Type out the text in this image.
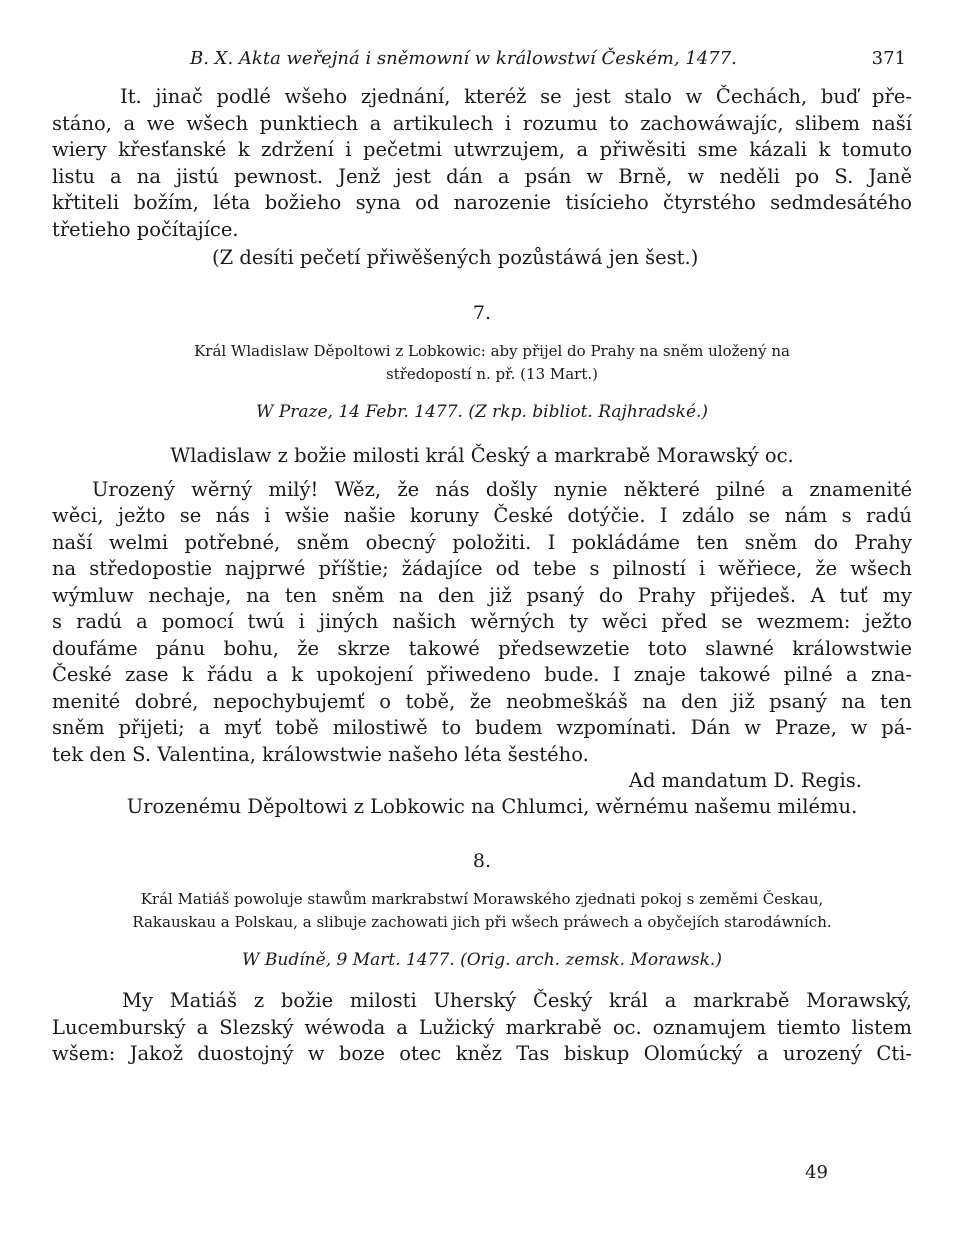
B. X. Akta weřejná i sněmowní w králowstwí Českém, 1477.	371

It. jinač podlé wšeho zjednání, kteréž se jest stalo w Čechách, buď pře-
stáno, a we wšech punktiech a artikulech i rozumu to zachowáwajíc, slibem naší
wiery křesťanské k zdržení i pečetmi utwrzujem, a přiwěsiti sme kázali k tomuto
listu a na jistú pewnost. Jenž jest dán a psán w Brně, w neděli po S. Janě
křtiteli božím, léta božieho syna od narozenie tisícieho čtyrstého sedmdesátého
třetieho počítajíce.

(Z desíti pečetí přiwěšených pozůstáwá jen šest.)

7.
Král Wladislaw Děpoltowi z Lobkowic: aby přijel do Prahy na sněm uložený na
středopostí n. př. (13 Mart.)
W Praze, 14 Febr. 1477. (Z rkp. bibliot. Rajhradské.)
Wladislaw z božie milosti král Český a markrabě Morawský oc.

Urozený wěrný milý! Wěz, že nás došly nynie některé pilné a znamenité
wěci, ježto se nás i wšie našie koruny České dotýčie. I zdálo se nám s radú
naší welmi potřebné, sněm obecný položiti. I pokládáme ten sněm do Prahy
na středopostie najprwé příštie; žádajíce od tebe s pilností i wěřiece, že wšech
wýmluw nechaje, na ten sněm na den již psaný do Prahy přijedeš. A tuť my
s radú a pomocí twú i jiných našich wěrných ty wěci před se wezmem: ježto
doufáme pánu bohu, že skrze takowé předsewzetie toto slawné králowstwie
České zase k řádu a k upokojení přiwedeno bude. I znaje takowé pilné a zna-
menité dobré, nepochybujemť o tobě, že neobmeškáš na den již psaný na ten
sněm přijeti; a myť tobě milostiwě to budem wzpomínati. Dán w Praze, w pá-
tek den S. Valentina, králowstwie našeho léta šestého.

Ad mandatum D. Regis.
Urozenému Děpoltowi z Lobkowic na Chlumci, wěrnému našemu milému.
8.
Král Matiáš powoluje stawům markrabstwí Morawského zjednati pokoj s zeměmi Českau,
Rakauskau a Polskau, a slibuje zachowati jich při wšech práwech a obyčejích starodáwních.
W Budíně, 9 Mart. 1477. (Orig. arch. zemsk. Morawsk.)

My Matiáš z božie milosti Uherský Český král a markrabě Morawský,
Lucemburský a Slezský wéwoda a Lužický markrabě oc. oznamujem tiemto listem
wšem: Jakož duostojný w boze otec kněz Tas biskup Olomúcký a urozený Cti-

49
